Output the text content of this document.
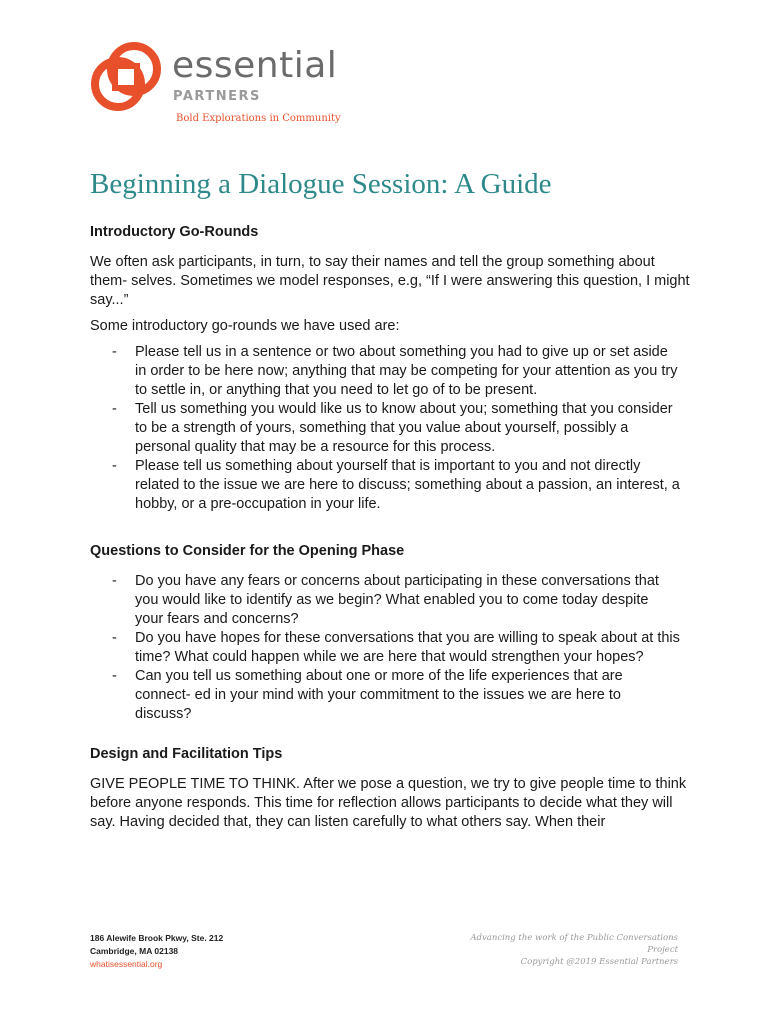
essential
PARTNERS
Bold Explorations in Community
Beginning a Dialogue Session: A Guide
Introductory Go-Rounds

We often ask participants, in turn, to say their names and tell the group something about them- selves. Sometimes we model responses, e.g, “If I were answering this question, I might say...”

Some introductory go-rounds we have used are:

- Please tell us in a sentence or two about something you had to give up or set aside in order to be here now; anything that may be competing for your attention as you try to settle in, or anything that you need to let go of to be present.
- Tell us something you would like us to know about you; something that you consider to be a strength of yours, something that you value about yourself, possibly a personal quality that may be a resource for this process.
- Please tell us something about yourself that is important to you and not directly related to the issue we are here to discuss; something about a passion, an interest, a hobby, or a pre-occupation in your life.
Questions to Consider for the Opening Phase
- Do you have any fears or concerns about participating in these conversations that you would like to identify as we begin? What enabled you to come today despite your fears and concerns?
- Do you have hopes for these conversations that you are willing to speak about at this time? What could happen while we are here that would strengthen your hopes?
- Can you tell us something about one or more of the life experiences that are connect- ed in your mind with your commitment to the issues we are here to discuss?
Design and Facilitation Tips

GIVE PEOPLE TIME TO THINK. After we pose a question, we try to give people time to think before anyone responds. This time for reflection allows participants to decide what they will say. Having decided that, they can listen carefully to what others say. When their

186 Alewife Brook Pkwy, Ste. 212
Cambridge, MA 02138
whatisessential.org
Advancing the work of the Public Conversations Project
Copyright @2019 Essential Partners
